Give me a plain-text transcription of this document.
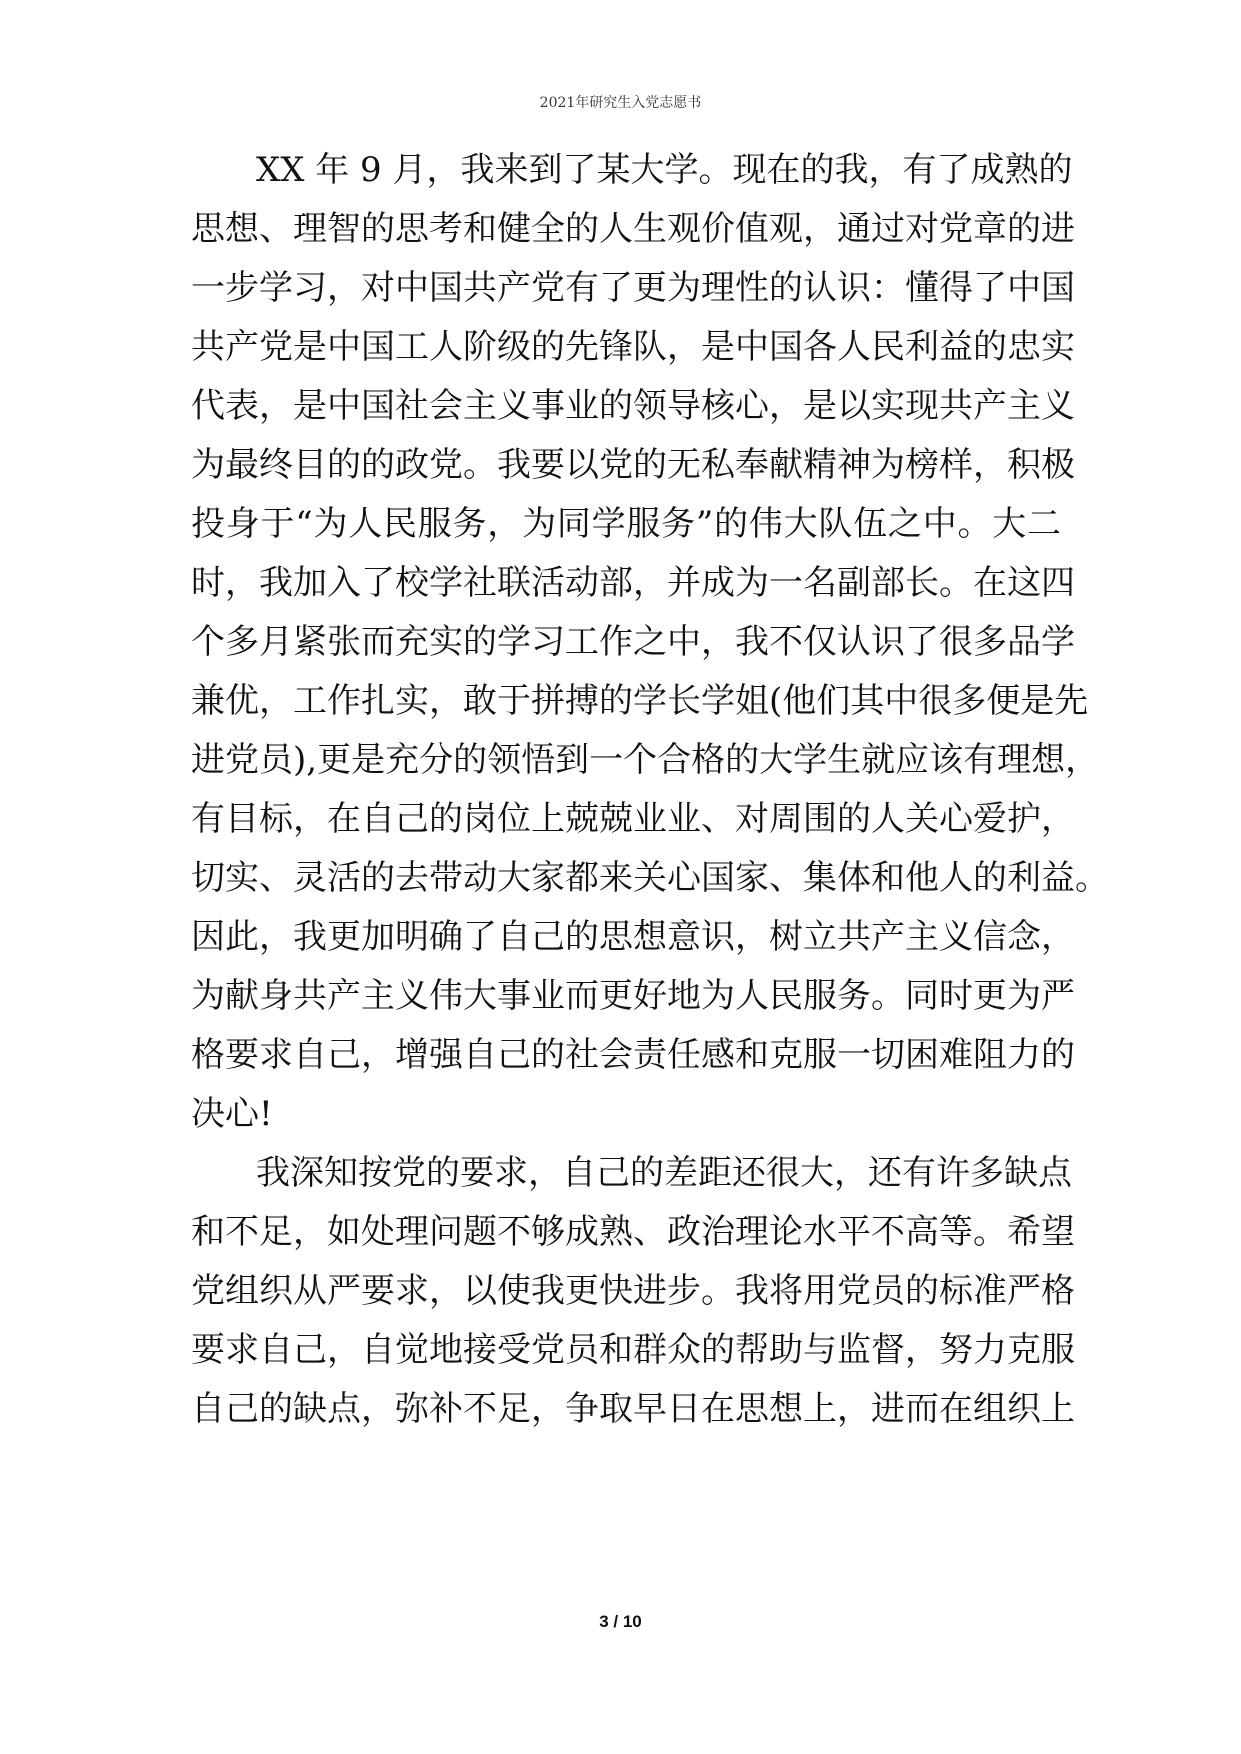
2021年研究生入党志愿书
XX 年 9 月，我来到了某大学。现在的我，有了成熟的
思想、理智的思考和健全的人生观价值观，通过对党章的进
一步学习，对中国共产党有了更为理性的认识：懂得了中国
共产党是中国工人阶级的先锋队，是中国各人民利益的忠实
代表，是中国社会主义事业的领导核心，是以实现共产主义
为最终目的的政党。我要以党的无私奉献精神为榜样，积极
投身于“为人民服务，为同学服务”的伟大队伍之中。大二
时，我加入了校学社联活动部，并成为一名副部长。在这四
个多月紧张而充实的学习工作之中，我不仅认识了很多品学
兼优，工作扎实，敢于拼搏的学长学姐(他们其中很多便是先
进党员),更是充分的领悟到一个合格的大学生就应该有理想，
有目标，在自己的岗位上兢兢业业、对周围的人关心爱护，
切实、灵活的去带动大家都来关心国家、集体和他人的利益。
因此，我更加明确了自己的思想意识，树立共产主义信念，
为献身共产主义伟大事业而更好地为人民服务。同时更为严
格要求自己，增强自己的社会责任感和克服一切困难阻力的
决心!
我深知按党的要求，自己的差距还很大，还有许多缺点
和不足，如处理问题不够成熟、政治理论水平不高等。希望
党组织从严要求，以使我更快进步。我将用党员的标准严格
要求自己，自觉地接受党员和群众的帮助与监督，努力克服
自己的缺点，弥补不足，争取早日在思想上，进而在组织上
3 / 10
